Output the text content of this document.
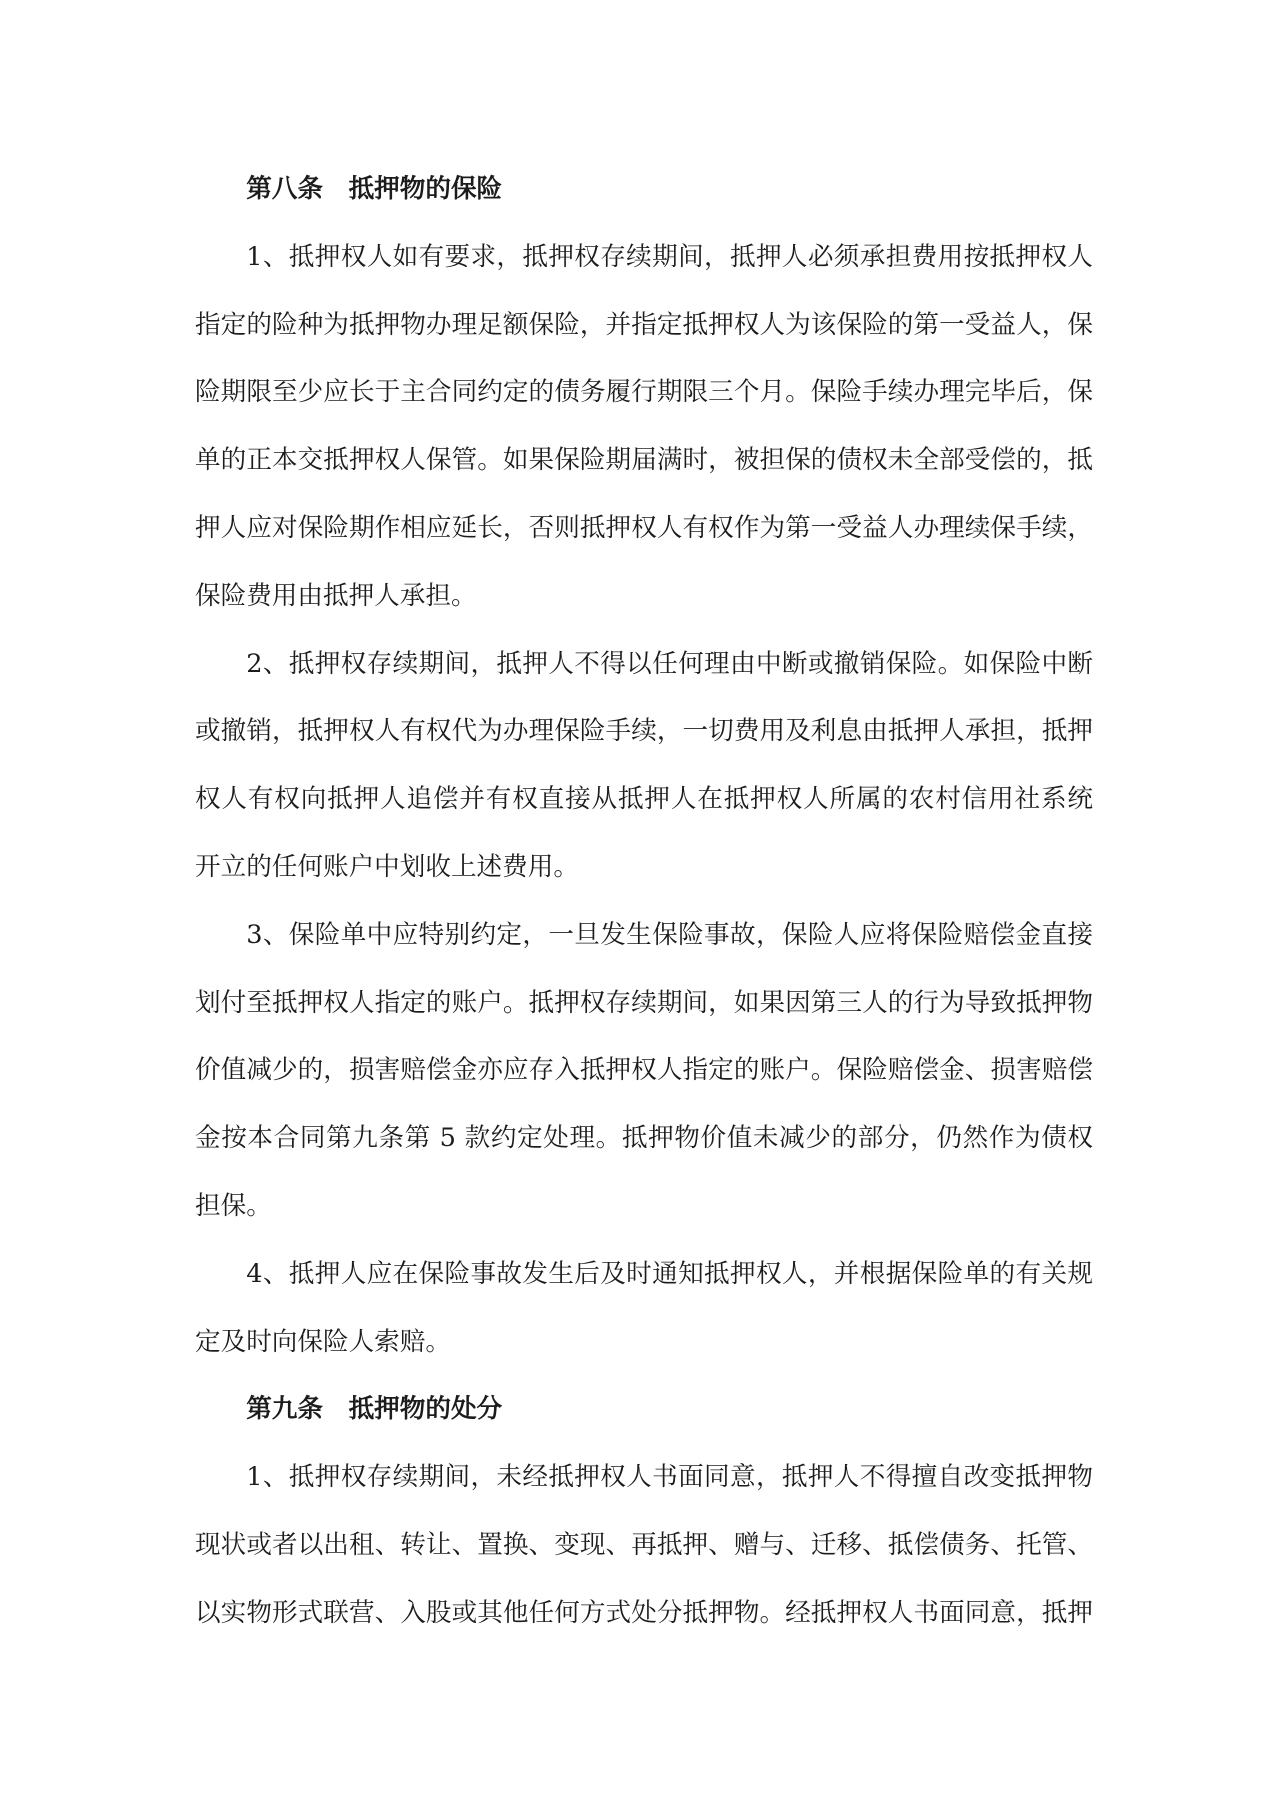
第八条　抵押物的保险
1、抵押权人如有要求，抵押权存续期间，抵押人必须承担费用按抵押权人
指定的险种为抵押物办理足额保险，并指定抵押权人为该保险的第一受益人，保
险期限至少应长于主合同约定的债务履行期限三个月。保险手续办理完毕后，保
单的正本交抵押权人保管。如果保险期届满时，被担保的债权未全部受偿的，抵
押人应对保险期作相应延长，否则抵押权人有权作为第一受益人办理续保手续，
保险费用由抵押人承担。
2、抵押权存续期间，抵押人不得以任何理由中断或撤销保险。如保险中断
或撤销，抵押权人有权代为办理保险手续，一切费用及利息由抵押人承担，抵押
权人有权向抵押人追偿并有权直接从抵押人在抵押权人所属的农村信用社系统
开立的任何账户中划收上述费用。
3、保险单中应特别约定，一旦发生保险事故，保险人应将保险赔偿金直接
划付至抵押权人指定的账户。抵押权存续期间，如果因第三人的行为导致抵押物
价值减少的，损害赔偿金亦应存入抵押权人指定的账户。保险赔偿金、损害赔偿
金按本合同第九条第 5 款约定处理。抵押物价值未减少的部分，仍然作为债权
担保。
4、抵押人应在保险事故发生后及时通知抵押权人，并根据保险单的有关规
定及时向保险人索赔。
第九条　抵押物的处分
1、抵押权存续期间，未经抵押权人书面同意，抵押人不得擅自改变抵押物
现状或者以出租、转让、置换、变现、再抵押、赠与、迁移、抵偿债务、托管、
以实物形式联营、入股或其他任何方式处分抵押物。经抵押权人书面同意，抵押
